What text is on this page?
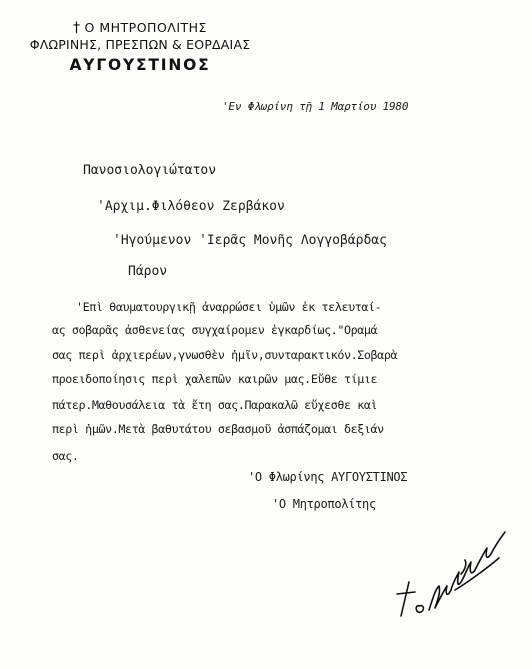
† Ο ΜΗΤΡΟΠΟΛΙΤΗΣ
ΦΛΩΡΙΝΗΣ, ΠΡΕΣΠΩΝ & ΕΟΡΔΑΙΑΣ
ΑΥΓΟΥΣΤΙΝΟΣ
'Εν Φλωρίνη τῇ 1 Μαρτίου 1980
Πανοσιολογιώτατον
'Αρχιμ.Φιλόθεον Ζερβάκον
'Ηγούμενον 'Ιερᾶς Μονῆς Λογγοβάρδας
Πάρον
'Επὶ θαυματουργικῇ ἀναρρώσει ὑμῶν ἐκ τελευταί-
ας σοβαρᾶς ἀσθενείας συγχαίρομεν ἐγκαρδίως."Οραμά
σας περὶ ἀρχιερέων,γνωσθὲν ἡμῖν,συνταρακτικόν.Σοβαρὰ
προειδοποίησις περὶ χαλεπῶν καιρῶν μας.Εὔθε τίμιε
πάτερ.Μαθουσάλεια τὰ ἔτη σας.Παρακαλῶ εὔχεσθε καὶ
περὶ ἡμῶν.Μετὰ βαθυτάτου σεβασμοῦ ἀσπάζομαι δεξιάν
σας.
'Ο Φλωρίνης ΑΥΓΟΥΣΤΙΝΟΣ
'Ο Μητροπολίτης
